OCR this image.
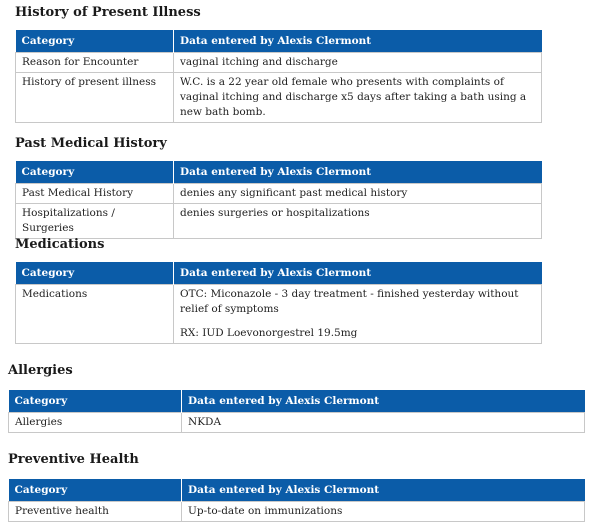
History of Present Illness
Category	Data entered by Alexis Clermont
Reason for Encounter	vaginal itching and discharge
History of present illness	W.C. is a 22 year old female who presents with complaints of vaginal itching and discharge x5 days after taking a bath using a new bath bomb.
Past Medical History
Category	Data entered by Alexis Clermont
Past Medical History	denies any significant past medical history
Hospitalizations / Surgeries	denies surgeries or hospitalizations
Medications
Category	Data entered by Alexis Clermont
Medications	OTC: Miconazole - 3 day treatment - finished yesterday without relief of symptoms
RX: IUD Loevonorgestrel 19.5mg
Allergies
Category	Data entered by Alexis Clermont
Allergies	NKDA
Preventive Health
Category	Data entered by Alexis Clermont
Preventive health	Up-to-date on immunizations
